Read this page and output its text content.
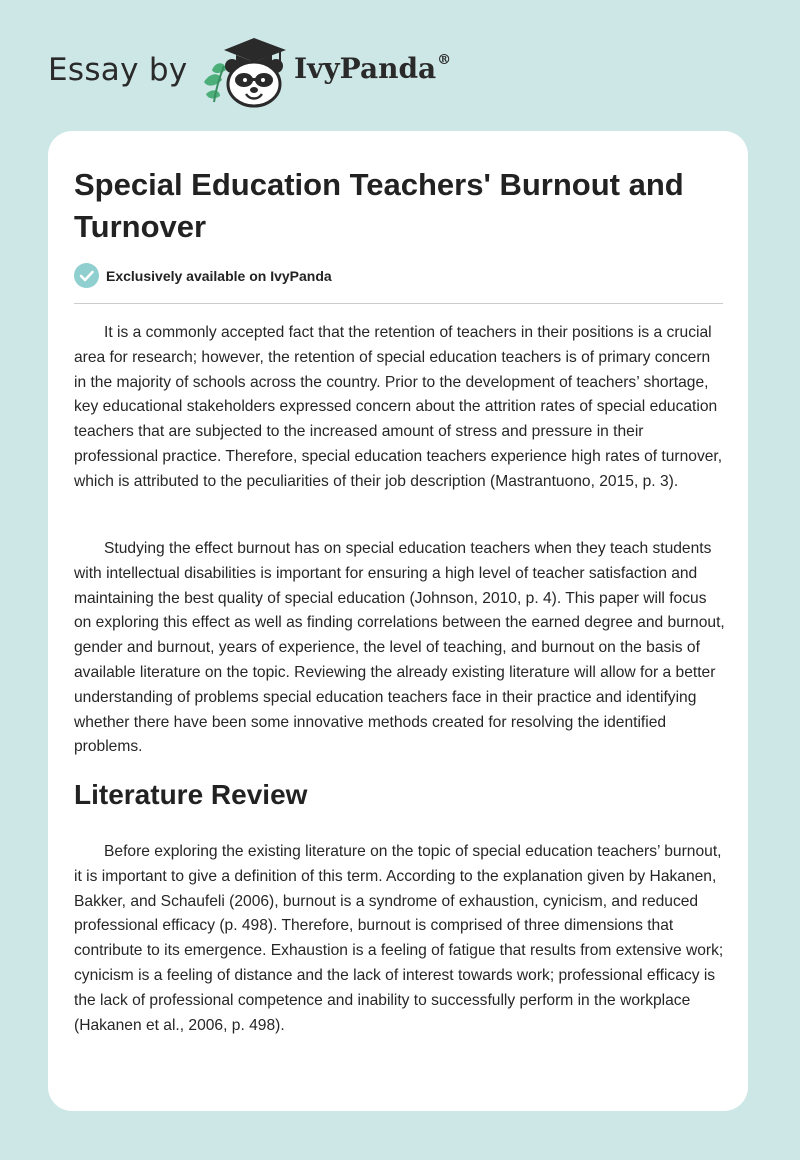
Essay by	IvyPanda®
Special Education Teachers' Burnout and Turnover
Exclusively available on IvyPanda

It is a commonly accepted fact that the retention of teachers in their positions is a crucial area for research; however, the retention of special education teachers is of primary concern in the majority of schools across the country. Prior to the development of teachers’ shortage, key educational stakeholders expressed concern about the attrition rates of special education teachers that are subjected to the increased amount of stress and pressure in their professional practice. Therefore, special education teachers experience high rates of turnover, which is attributed to the peculiarities of their job description (Mastrantuono, 2015, p. 3).

Studying the effect burnout has on special education teachers when they teach students with intellectual disabilities is important for ensuring a high level of teacher satisfaction and maintaining the best quality of special education (Johnson, 2010, p. 4). This paper will focus on exploring this effect as well as finding correlations between the earned degree and burnout, gender and burnout, years of experience, the level of teaching, and burnout on the basis of available literature on the topic. Reviewing the already existing literature will allow for a better understanding of problems special education teachers face in their practice and identifying whether there have been some innovative methods created for resolving the identified problems.

Literature Review

Before exploring the existing literature on the topic of special education teachers’ burnout, it is important to give a definition of this term. According to the explanation given by Hakanen, Bakker, and Schaufeli (2006), burnout is a syndrome of exhaustion, cynicism, and reduced professional efficacy (p. 498). Therefore, burnout is comprised of three dimensions that contribute to its emergence. Exhaustion is a feeling of fatigue that results from extensive work; cynicism is a feeling of distance and the lack of interest towards work; professional efficacy is the lack of professional competence and inability to successfully perform in the workplace (Hakanen et al., 2006, p. 498).
